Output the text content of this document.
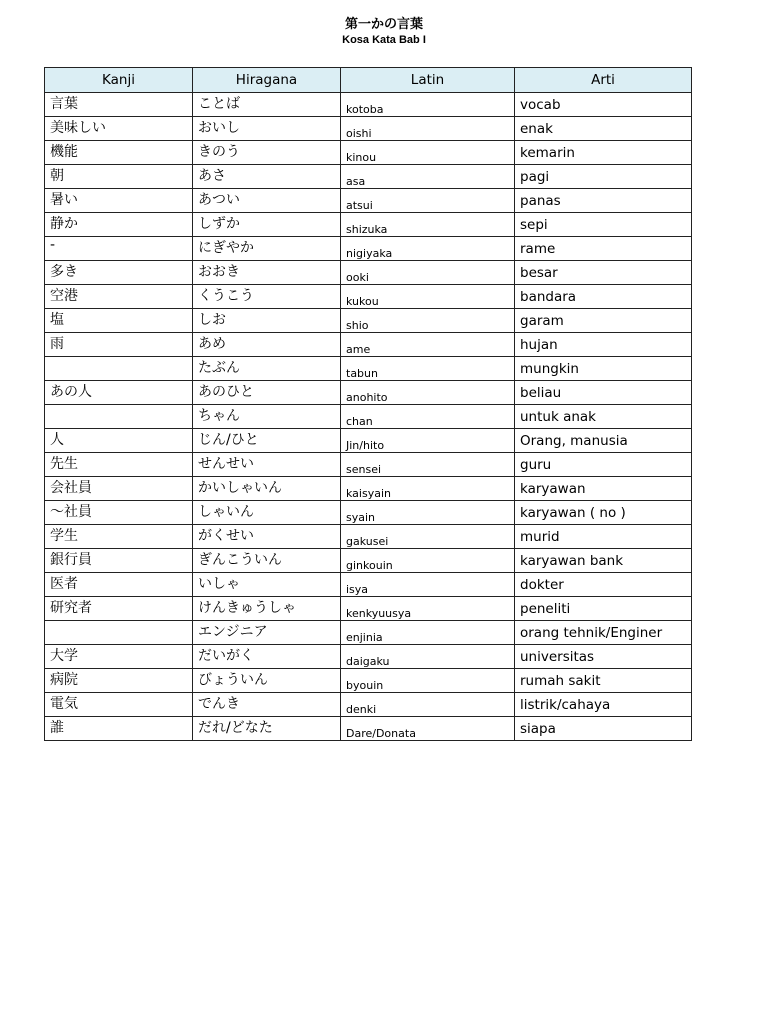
第一かの言葉
Kosa Kata Bab I
Kanji	Hiragana	Latin	Arti
言葉	ことば	kotoba	vocab
美味しい	おいし	oishi	enak
機能	きのう	kinou	kemarin
朝	あさ	asa	pagi
暑い	あつい	atsui	panas
静か	しずか	shizuka	sepi
-	にぎやか	nigiyaka	rame
多き	おおき	ooki	besar
空港	くうこう	kukou	bandara
塩	しお	shio	garam
雨	あめ	ame	hujan
	たぶん	tabun	mungkin
あの人	あのひと	anohito	beliau
	ちゃん	chan	untuk anak
人	じん/ひと	Jin/hito	Orang, manusia
先生	せんせい	sensei	guru
会社員	かいしゃいん	kaisyain	karyawan
～社員	しゃいん	syain	karyawan ( no )
学生	がくせい	gakusei	murid
銀行員	ぎんこういん	ginkouin	karyawan bank
医者	いしゃ	isya	dokter
研究者	けんきゅうしゃ	kenkyuusya	peneliti
	エンジニア	enjinia	orang tehnik/Enginer
大学	だいがく	daigaku	universitas
病院	びょういん	byouin	rumah sakit
電気	でんき	denki	listrik/cahaya
誰	だれ/どなた	Dare/Donata	siapa
